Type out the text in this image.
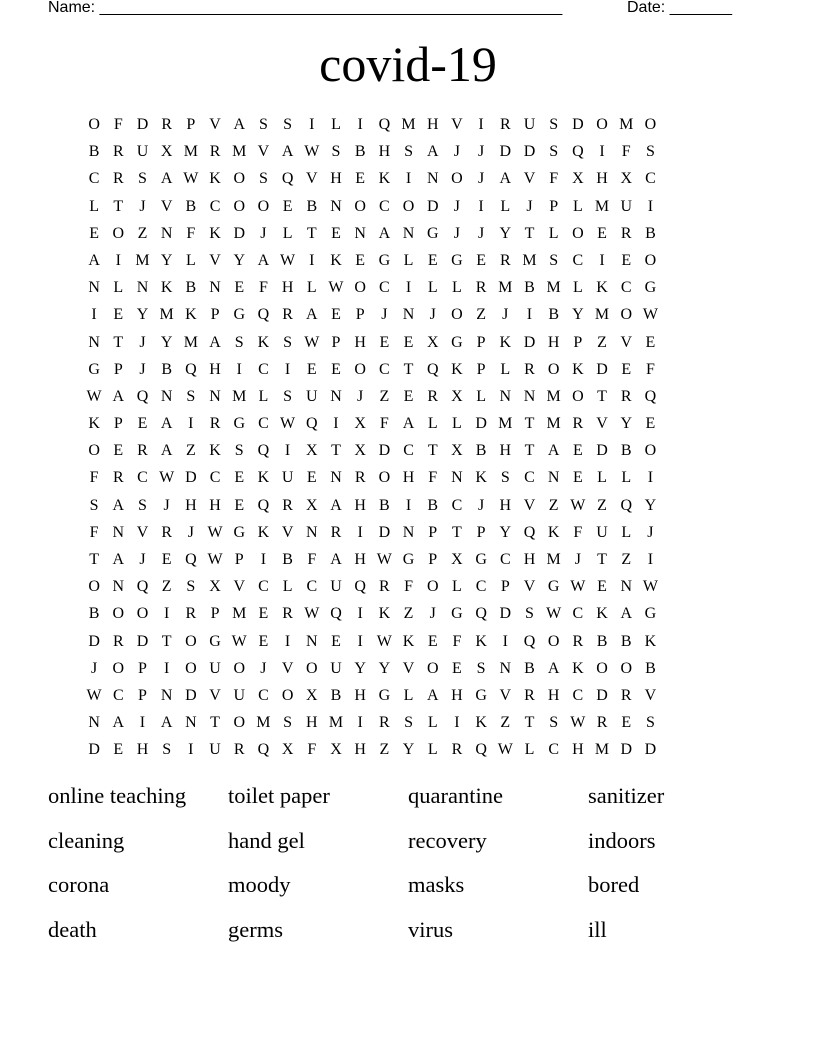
Name: ____________________________________________________	Date: _______
covid-19
O F D R P V A S S	I	L	I Q M H V I	R U S D O M O
B R U X M R M V A W S B H S A J	J D D S Q I	F S
C R S A W K O S Q V H E K I N O J A V F X H X C
L T	J V B C O O E B N O C O D J	I	L	J	P L M U I
E O Z N F K D J	L T E N A N G J	J Y T L O E R B
A I M Y L V Y A W I K E G L E G E R M S C	I	E O
N L N K B N E F H L W O C	I	L L R M B M L K C G
I	E Y M K P G Q R A E P	J N J O Z	J	I	B Y M O W
N T	J Y M A S K S W P H E E X G P K D H P Z V E
G P	J B Q H I	C	I	E E O C T Q K P L R O K D E F
W A Q N S N M L S U N J	Z E R X L N N M O T R Q
K P E A I	R G C W Q I X F A L L D M T M R V Y E
O E R A Z K S Q I X T X D C T X B H T A E D B O
F R C W D C E K U E N R O H F N K S C N E L L	I
S A S	J H H E Q R X A H B	I	B C J H V Z W Z Q Y
F N V R J W G K V N R	I D N P T P Y Q K F U L	J
T A J	E Q W P	I	B F A H W G P X G C H M J	T Z	I
O N Q Z S X V C L C U Q R F O L C P V G W E N W
B O O I	R P M E R W Q I K Z	J G Q D S W C K A G
D R D T O G W E	I N E	I W K E F K I Q O R B B K
J O P	I O U O J V O U Y Y V O E S N B A K O O B
W C P N D V U C O X B H G L A H G V R H C D R V
N A I A N T O M S H M I	R S L	I K Z T S W R E S
D E H S	I U R Q X F X H Z Y L R Q W L C H M D D
online teaching	toilet paper	quarantine	sanitizer
cleaning	hand gel	recovery	indoors
corona	moody	masks	bored
death	germs	virus	ill
